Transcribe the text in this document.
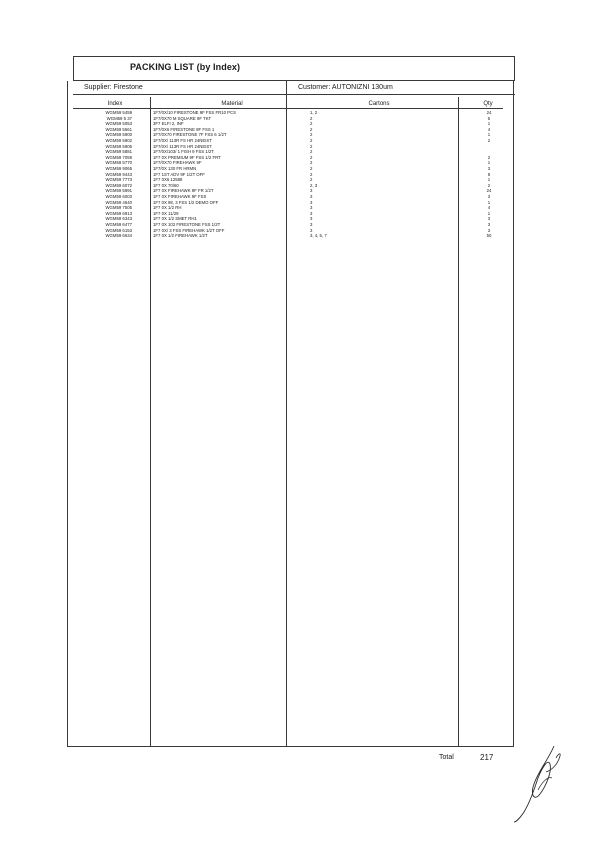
PACKING LIST (by Index)
Supplier: Firestone	Customer: AUTONIZNI 130um
Index	Material	Cartons	Qty
WGM59 5459	1F7/0X/10 FIRESTONE 9F FSS FR10 PCS	1, 2	24
WGM59 5 37	1F7/0X70 M SQUARE 9F TKT	2	5
WGM59 5053	3F7 ELFI 2, INF	2	1
WGM59 5561	1F7/0X6 FIRESTONE 9F FSS 1	2	4
WGM59 5900	1F7/0X70 FIRESTONE 7F FSS 6 1/2T	2	1
WGM59 5902	1F7/0X/ 113R FS HR 24NEIST	2	2
WGM59 5905	1F7/0X/ 113R FS HR 24NEIST	2
WGM59 5881	1F7/0X/103/ 1 FISH 9 FSS 1/2T	2
WGM59 7059	1F7 0X PREMIUM 9F FSS 1/2 FRT	2	2
WGM59 5770	1F7/0X70 FIREHAWK 9F	2	1
WGM59 9065	1F7/0X 130 FR HRMN	2	3
WGM59 9443	1F7 1ST ADV 9F 1/2T OFF	2	8
WGM59 7773	1F7 0X6 12588	2	1
WGM59 6072	1F7 0X 70/60	2, 3	2
WGM59 5991	1F7 0X FIREHAWK 9F FR 1/2T	3	24
WGM59 6003	1F7 0X FIREHAWK 9F FSS	3	3
WGM59 4640	1F7 0X 98, 3 FSS 1/2 DEMO OFF	3	1
WGM59 7505	1F7 0X 1/2 RH	3	4
WGM59 6913	1F7 0X 11/29	3	1
WGM59 6343	1F7 0X 1/2 SMET RH1	3	3
WGM59 6477	1F7 0X 102 FIRESTONE FSS 1/2T	3	3
WGM59 6153	1F7 0X/ 3 FSS FIREHAWK 1/2T OFF	3	3
WGM59 6634	1F7 0X 1/2 FIREHAWK 1/2T	3, 4, 5, 7	50
Total	217
